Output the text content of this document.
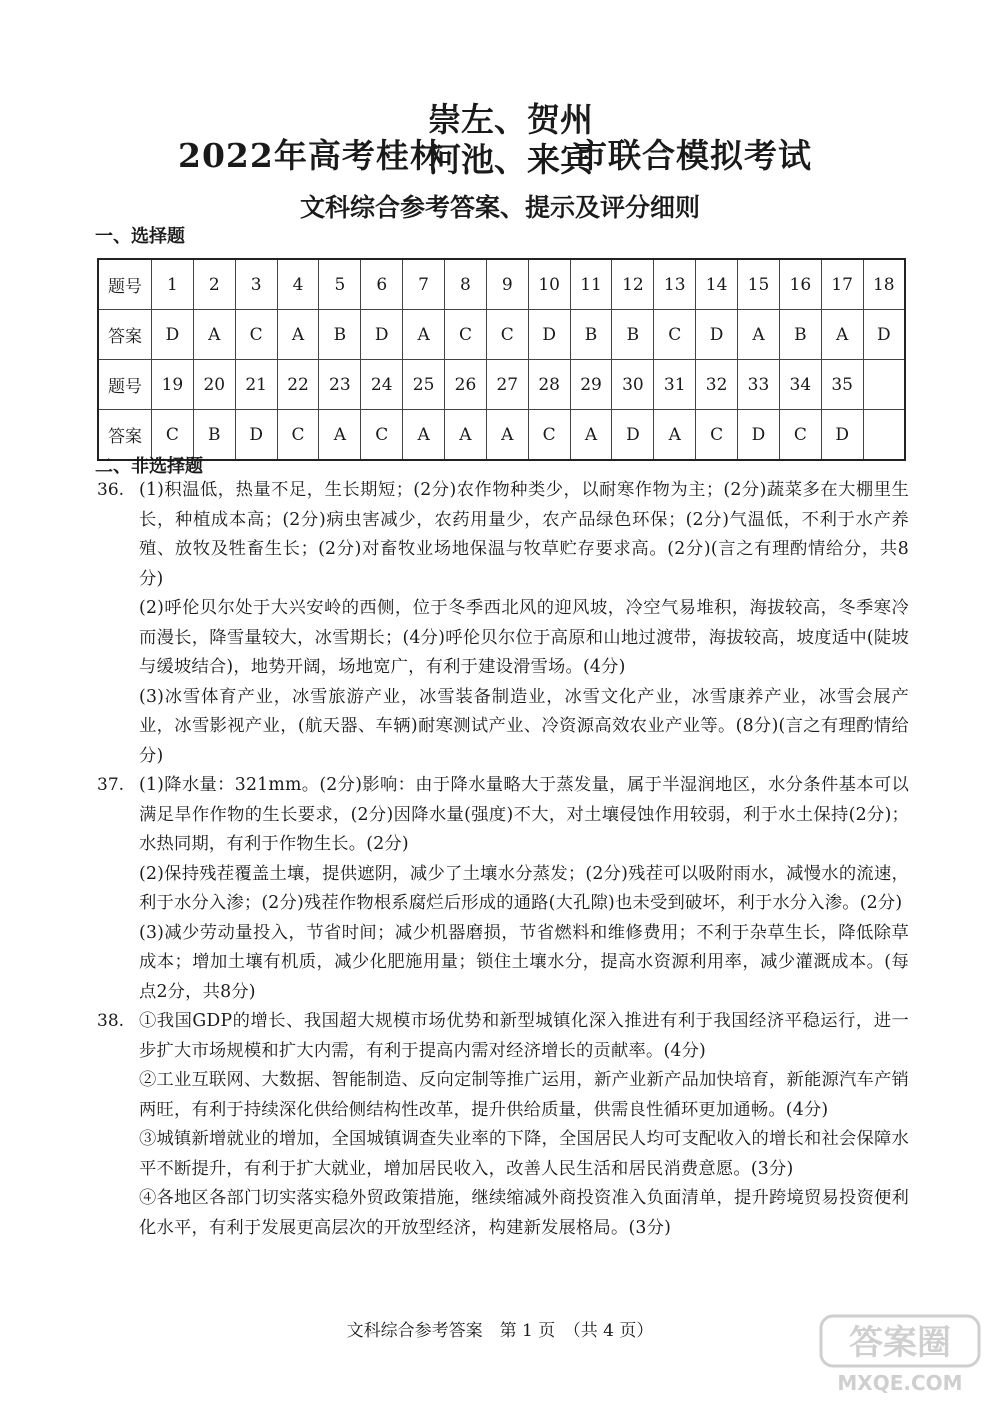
2022年高考桂林
崇左、贺州
河池、来宾
市联合模拟考试
文科综合参考答案、提示及评分细则
一、选择题
题号	1	2	3	4	5	6	7	8	9	10	11	12	13	14	15	16	17	18
答案	D	A	C	A	B	D	A	C	C	D	B	B	C	D	A	B	A	D
题号	19	20	21	22	23	24	25	26	27	28	29	30	31	32	33	34	35	
答案	C	B	D	C	A	C	A	A	A	C	A	D	A	C	D	C	D	
二、非选择题
36. (1)积温低，热量不足，生长期短；(2分)农作物种类少，以耐寒作物为主；(2分)蔬菜多在大棚里生长，种植成本高；(2分)病虫害减少，农药用量少，农产品绿色环保；(2分)气温低，不利于水产养殖、放牧及牲畜生长；(2分)对畜牧业场地保温与牧草贮存要求高。(2分)(言之有理酌情给分，共8分)
(2)呼伦贝尔处于大兴安岭的西侧，位于冬季西北风的迎风坡，冷空气易堆积，海拔较高，冬季寒冷而漫长，降雪量较大，冰雪期长；(4分)呼伦贝尔位于高原和山地过渡带，海拔较高，坡度适中(陡坡与缓坡结合)，地势开阔，场地宽广，有利于建设滑雪场。(4分)
(3)冰雪体育产业，冰雪旅游产业，冰雪装备制造业，冰雪文化产业，冰雪康养产业，冰雪会展产业，冰雪影视产业，(航天器、车辆)耐寒测试产业、冷资源高效农业产业等。(8分)(言之有理酌情给分)
37. (1)降水量：321mm。(2分)影响：由于降水量略大于蒸发量，属于半湿润地区，水分条件基本可以满足旱作作物的生长要求，(2分)因降水量(强度)不大，对土壤侵蚀作用较弱，利于水土保持(2分)；水热同期，有利于作物生长。(2分)
(2)保持残茬覆盖土壤，提供遮阴，减少了土壤水分蒸发；(2分)残茬可以吸附雨水，减慢水的流速，利于水分入渗；(2分)残茬作物根系腐烂后形成的通路(大孔隙)也未受到破坏，利于水分入渗。(2分)
(3)减少劳动量投入，节省时间；减少机器磨损，节省燃料和维修费用；不利于杂草生长，降低除草成本；增加土壤有机质，减少化肥施用量；锁住土壤水分，提高水资源利用率，减少灌溉成本。(每点2分，共8分)
38. ①我国GDP的增长、我国超大规模市场优势和新型城镇化深入推进有利于我国经济平稳运行，进一步扩大市场规模和扩大内需，有利于提高内需对经济增长的贡献率。(4分)
②工业互联网、大数据、智能制造、反向定制等推广运用，新产业新产品加快培育，新能源汽车产销两旺，有利于持续深化供给侧结构性改革，提升供给质量，供需良性循环更加通畅。(4分)
③城镇新增就业的增加，全国城镇调查失业率的下降，全国居民人均可支配收入的增长和社会保障水平不断提升，有利于扩大就业，增加居民收入，改善人民生活和居民消费意愿。(3分)
④各地区各部门切实落实稳外贸政策措施，继续缩减外商投资准入负面清单，提升跨境贸易投资便利化水平，有利于发展更高层次的开放型经济，构建新发展格局。(3分)
文科综合参考答案　第 1 页　（共 4 页）	答案圈
MXQE.COM
